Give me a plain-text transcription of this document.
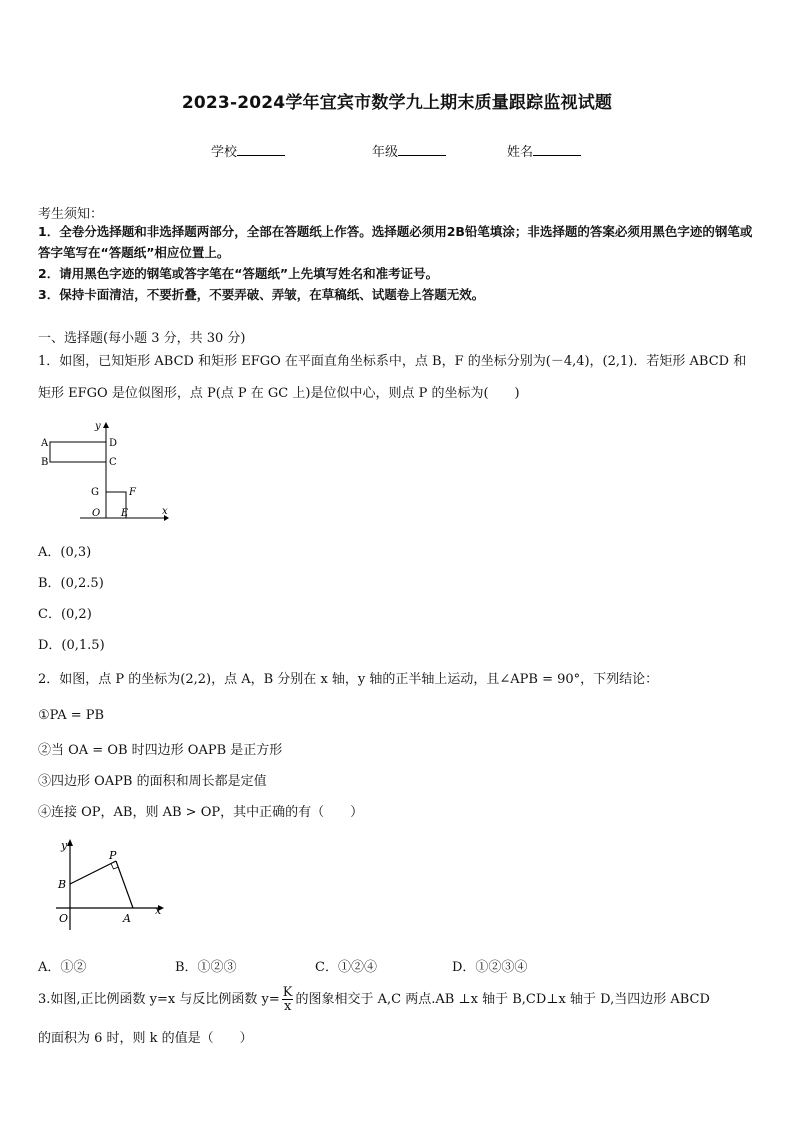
2023-2024学年宜宾市数学九上期末质量跟踪监视试题
学校	年级	姓名
考生须知：
1．全卷分选择题和非选择题两部分，全部在答题纸上作答。选择题必须用2B铅笔填涂；非选择题的答案必须用黑色字迹的钢笔或答字笔写在“答题纸”相应位置上。
2．请用黑色字迹的钢笔或答字笔在“答题纸”上先填写姓名和准考证号。
3．保持卡面清洁，不要折叠，不要弄破、弄皱，在草稿纸、试题卷上答题无效。
一、选择题(每小题 3 分，共 30 分)
1．如图，已知矩形 ABCD 和矩形 EFGO 在平面直角坐标系中，点 B，F 的坐标分别为(－4,4)，(2,1)．若矩形 ABCD 和
矩形 EFGO 是位似图形，点 P(点 P 在 GC 上)是位似中心，则点 P 的坐标为(　　)
A
B
D
C
G	F
O E
y
x
A．(0,3)
B．(0,2.5)
C．(0,2)
D．(0,1.5)
2．如图，点 P 的坐标为(2,2)，点 A，B 分别在 x 轴，y 轴的正半轴上运动，且∠APB = 90°，下列结论：
①PA = PB
②当 OA = OB 时四边形 OAPB 是正方形
③四边形 OAPB 的面积和周长都是定值
④连接 OP，AB，则 AB > OP，其中正确的有（　　）
y
P
B
O	A
x
A．①②	B．①②③	C．①②④	D．①②③④
3.如图,正比例函数 y=x 与反比例函数 $y= \frac{K}{x}$ 的图象相交于 A,C 两点.AB ⊥x 轴于 B,CD⊥x 轴于 D,当四边形 ABCD
的面积为 6 时，则 k 的值是（　　）
